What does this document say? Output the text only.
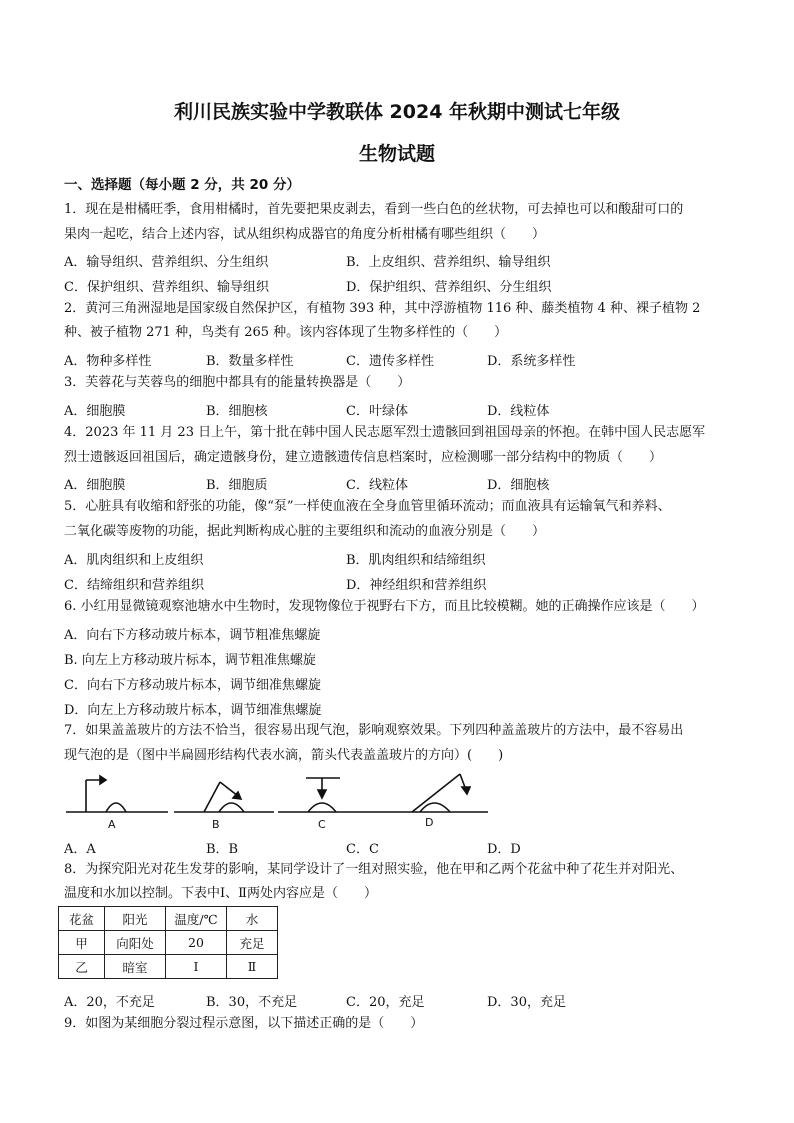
利川民族实验中学教联体 2024 年秋期中测试七年级
生物试题
一、选择题（每小题 2 分，共 20 分）
1．现在是柑橘旺季，食用柑橘时，首先要把果皮剥去，看到一些白色的丝状物，可去掉也可以和酸甜可口的
果肉一起吃，结合上述内容，试从组织构成器官的角度分析柑橘有哪些组织（　　）
A．输导组织、营养组织、分生组织	B．上皮组织、营养组织、输导组织
C．保护组织、营养组织、输导组织	D．保护组织、营养组织、分生组织
2．黄河三角洲湿地是国家级自然保护区，有植物 393 种，其中浮游植物 116 种、藤类植物 4 种、裸子植物 2
种、被子植物 271 种，鸟类有 265 种。该内容体现了生物多样性的（　　）
A．物种多样性	B．数量多样性	C．遗传多样性	D．系统多样性
3．芙蓉花与芙蓉鸟的细胞中都具有的能量转换器是（　　）
A．细胞膜	B．细胞核	C．叶绿体	D．线粒体
4．2023 年 11 月 23 日上午，第十批在韩中国人民志愿军烈士遗骸回到祖国母亲的怀抱。在韩中国人民志愿军
烈士遗骸返回祖国后，确定遗骸身份，建立遗骸遗传信息档案时，应检测哪一部分结构中的物质（　　）
A．细胞膜	B．细胞质	C．线粒体	D．细胞核
5．心脏具有收缩和舒张的功能，像“泵”一样使血液在全身血管里循环流动；而血液具有运输氧气和养料、
二氧化碳等废物的功能，据此判断构成心脏的主要组织和流动的血液分别是（　　）
A．肌肉组织和上皮组织	B．肌肉组织和结缔组织
C．结缔组织和营养组织	D．神经组织和营养组织
6. 小红用显微镜观察池塘水中生物时，发现物像位于视野右下方，而且比较模糊。她的正确操作应该是（　　）
A．向右下方移动玻片标本，调节粗准焦螺旋
B. 向左上方移动玻片标本，调节粗准焦螺旋
C．向右下方移动玻片标本，调节细准焦螺旋
D．向左上方移动玻片标本，调节细准焦螺旋
7．如果盖盖玻片的方法不恰当，很容易出现气泡，影响观察效果。下列四种盖盖玻片的方法中，最不容易出
现气泡的是（图中半扁圆形结构代表水滴，箭头代表盖盖玻片的方向）(　　)
A	B	C	D
A．A	B．B	C．C	D．D
8．为探究阳光对花生发芽的影响，某同学设计了一组对照实验，他在甲和乙两个花盆中种了花生并对阳光、
温度和水加以控制。下表中Ⅰ、Ⅱ两处内容应是（　　）
花盆	阳光	温度/℃	水
甲	向阳处	20	充足
乙	暗室	Ⅰ	Ⅱ
A．20，不充足	B．30，不充足	C．20，充足	D．30，充足
9．如图为某细胞分裂过程示意图，以下描述正确的是（　　）
